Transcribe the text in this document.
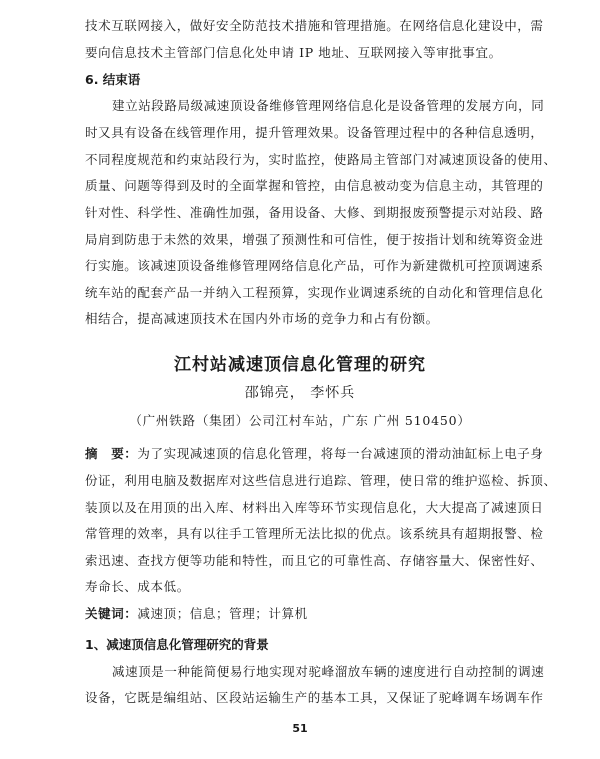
技术互联网接入，做好安全防范技术措施和管理措施。在网络信息化建设中，需
要向信息技术主管部门信息化处申请 IP 地址、互联网接入等审批事宜。
6. 结束语
建立站段路局级减速顶设备维修管理网络信息化是设备管理的发展方向，同
时又具有设备在线管理作用，提升管理效果。设备管理过程中的各种信息透明，
不同程度规范和约束站段行为，实时监控，使路局主管部门对减速顶设备的使用、
质量、问题等得到及时的全面掌握和管控，由信息被动变为信息主动，其管理的
针对性、科学性、准确性加强，备用设备、大修、到期报废预警提示对站段、路
局肩到防患于未然的效果，增强了预测性和可信性，便于按指计划和统筹资金进
行实施。该减速顶设备维修管理网络信息化产品，可作为新建微机可控顶调速系
统车站的配套产品一并纳入工程预算，实现作业调速系统的自动化和管理信息化
相结合，提高减速顶技术在国内外市场的竞争力和占有份额。
江村站减速顶信息化管理的研究
邵锦亮， 李怀兵
（广州铁路（集团）公司江村车站，广东 广州 510450）
摘　要：为了实现减速顶的信息化管理，将每一台减速顶的滑动油缸标上电子身
份证，利用电脑及数据库对这些信息进行追踪、管理，使日常的维护巡检、拆顶、
装顶以及在用顶的出入库、材料出入库等环节实现信息化，大大提高了减速顶日
常管理的效率，具有以往手工管理所无法比拟的优点。该系统具有超期报警、检
索迅速、查找方便等功能和特性，而且它的可靠性高、存储容量大、保密性好、
寿命长、成本低。
关键词：减速顶；信息；管理；计算机
1、减速顶信息化管理研究的背景
减速顶是一种能简便易行地实现对驼峰溜放车辆的速度进行自动控制的调速
设备，它既是编组站、区段站运输生产的基本工具，又保证了驼峰调车场调车作
51
